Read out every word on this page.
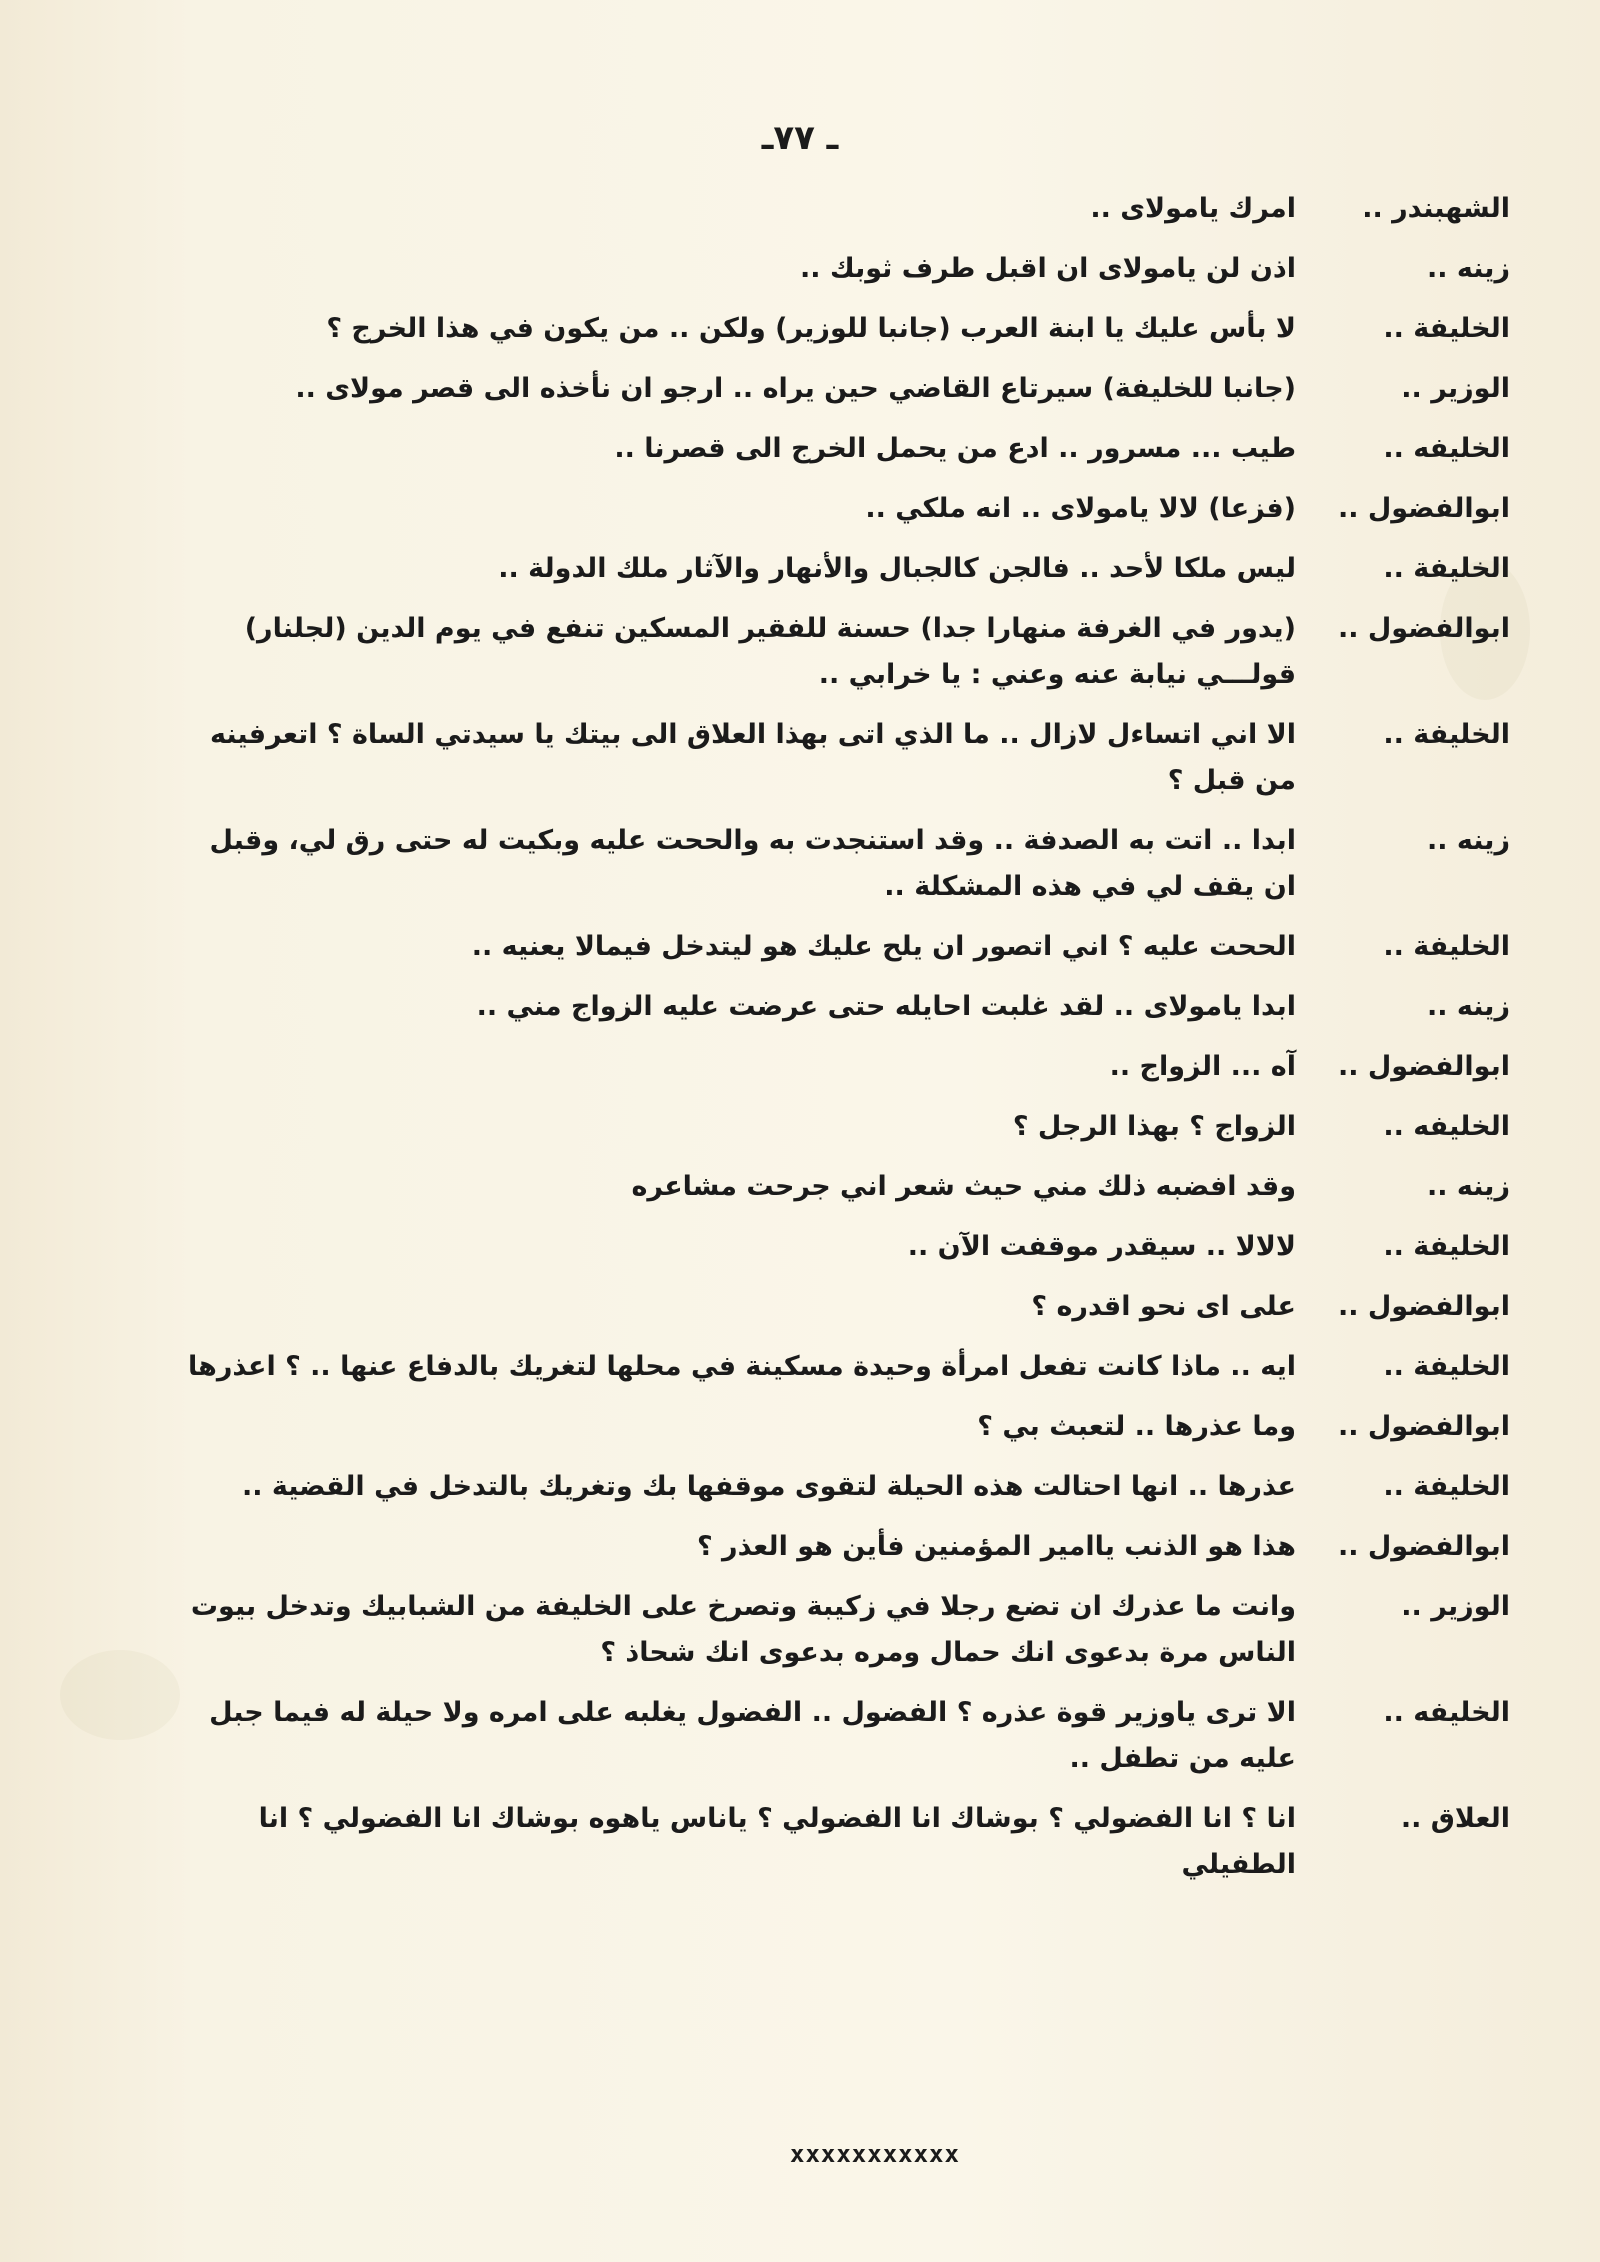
ـ ٧٧ـ
الشهبندر ..
امرك يامولاى ..
زينه ..
اذن لن يامولاى ان اقبل طرف ثوبك ..
الخليفة ..
لا بأس عليك يا ابنة العرب (جانبا للوزير) ولكن .. من يكون في هذا الخرج ؟
الوزير ..
(جانبا للخليفة) سيرتاع القاضي حين يراه .. ارجو ان نأخذه الى قصر مولاى ..
الخليفه ..
طيب ... مسرور .. ادع من يحمل الخرج الى قصرنا ..
ابوالفضول ..
(فزعا) لالا يامولاى .. انه ملكي ..
الخليفة ..
ليس ملكا لأحد .. فالجن كالجبال والأنهار والآثار ملك الدولة ..
ابوالفضول ..
(يدور في الغرفة منهارا جدا) حسنة للفقير المسكين تنفع في يوم الدين (لجلنار) قولـــي نيابة عنه وعني : يا خرابي ..
الخليفة ..
الا اني اتساءل لازال .. ما الذي اتى بهذا العلاق الى بيتك يا سيدتي الساة ؟ اتعرفينه من قبل ؟
زينه ..
ابدا .. اتت به الصدفة .. وقد استنجدت به والححت عليه وبكيت له حتى رق لي، وقبل ان يقف لي في هذه المشكلة ..
الخليفة ..
الححت عليه ؟ اني اتصور ان يلح عليك هو ليتدخل فيمالا يعنيه ..
زينه ..
ابدا يامولاى .. لقد غلبت احايله حتى عرضت عليه الزواج مني ..
ابوالفضول ..
آه ... الزواج ..
الخليفه ..
الزواج ؟ بهذا الرجل ؟
زينه ..
وقد افضبه ذلك مني حيث شعر اني جرحت مشاعره
الخليفة ..
لالالا .. سيقدر موقفت الآن ..
ابوالفضول ..
على اى نحو اقدره ؟
الخليفة ..
ايه .. ماذا كانت تفعل امرأة وحيدة مسكينة في محلها لتغريك بالدفاع عنها .. ؟ اعذرها
ابوالفضول ..
وما عذرها .. لتعبث بي ؟
الخليفة ..
عذرها .. انها احتالت هذه الحيلة لتقوى موقفها بك وتغريك بالتدخل في القضية ..
ابوالفضول ..
هذا هو الذنب ياامير المؤمنين فأين هو العذر ؟
الوزير ..
وانت ما عذرك ان تضع رجلا في زكيبة وتصرخ على الخليفة من الشبابيك وتدخل بيوت الناس مرة بدعوى انك حمال ومره بدعوى انك شحاذ ؟
الخليفه ..
الا ترى ياوزير قوة عذره ؟ الفضول .. الفضول يغلبه على امره ولا حيلة له فيما جبل عليه من تطفل ..
العلاق ..
انا ؟ انا الفضولي ؟ بوشاك انا الفضولي ؟ ياناس ياهوه بوشاك انا الفضولي ؟ انا الطفيلي
xxxxxxxxxxx
